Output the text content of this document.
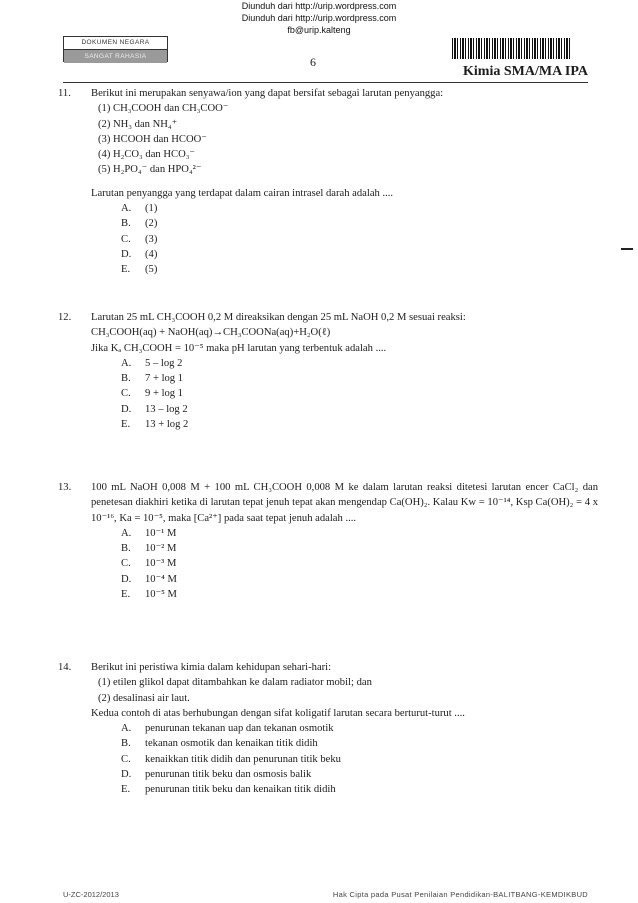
Diunduh dari http://urip.wordpress.com
Diunduh dari http://urip.wordpress.com
fb@urip.kalteng
DOKUMEN NEGARA
SANGAT RAHASIA	6
Kimia SMA/MA IPA
11. Berikut ini merupakan senyawa/ion yang dapat bersifat sebagai larutan penyangga:
(1) CH₃COOH dan CH₃COO⁻
(2) NH₃ dan NH₄⁺
(3) HCOOH dan HCOO⁻
(4) H₂CO₃ dan HCO₃⁻
(5) H₂PO₄⁻ dan HPO₄²⁻
Larutan penyangga yang terdapat dalam cairan intrasel darah adalah ....
A. (1)
B. (2)
C. (3)
D. (4)
E. (5)
12. Larutan 25 mL CH₃COOH 0,2 M direaksikan dengan 25 mL NaOH 0,2 M sesuai reaksi:
CH₃COOH(aq) + NaOH(aq)→CH₃COONa(aq)+H₂O(ℓ)
Jika Kₐ CH₃COOH = 10⁻⁵ maka pH larutan yang terbentuk adalah ....
A. 5 – log 2
B. 7 + log 1
C. 9 + log 1
D. 13 – log 2
E. 13 + log 2
13. 100 mL NaOH 0,008 M + 100 mL CH₃COOH 0,008 M ke dalam larutan reaksi ditetesi larutan encer CaCl₂ dan penetesan diakhiri ketika di larutan tepat jenuh tepat akan mengendap Ca(OH)₂. Kalau Kw = 10⁻¹⁴, Ksp Ca(OH)₂ = 4 x 10⁻¹⁶, Ka = 10⁻⁵, maka [Ca²⁺] pada saat tepat jenuh adalah ....
A. 10⁻¹ M
B. 10⁻² M
C. 10⁻³ M
D. 10⁻⁴ M
E. 10⁻⁵ M
14. Berikut ini peristiwa kimia dalam kehidupan sehari-hari:
(1) etilen glikol dapat ditambahkan ke dalam radiator mobil; dan
(2) desalinasi air laut.
Kedua contoh di atas berhubungan dengan sifat koligatif larutan secara berturut-turut ....
A. penurunan tekanan uap dan tekanan osmotik
B. tekanan osmotik dan kenaikan titik didih
C. kenaikkan titik didih dan penurunan titik beku
D. penurunan titik beku dan osmosis balik
E. penurunan titik beku dan kenaikan titik didih
U-ZC-2012/2013	Hak Cipta pada Pusat Penilaian Pendidikan-BALITBANG-KEMDIKBUD
